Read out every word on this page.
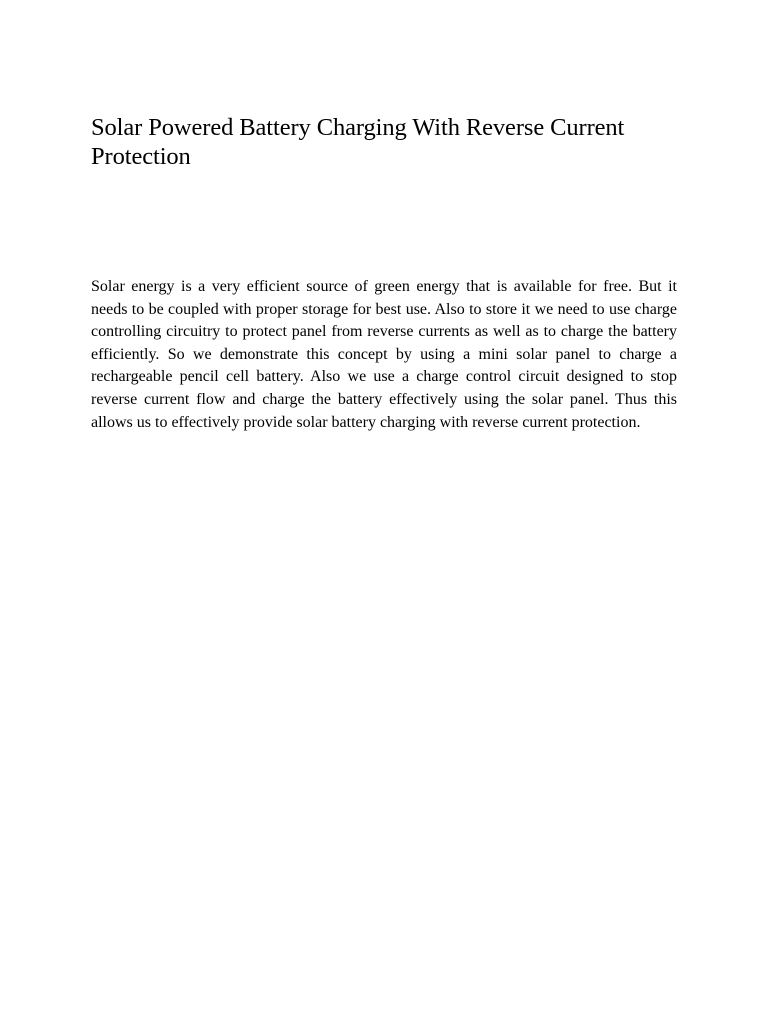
Solar Powered Battery Charging With Reverse Current Protection

Solar energy is a very efficient source of green energy that is available for free. But it needs to be coupled with proper storage for best use. Also to store it we need to use charge controlling circuitry to protect panel from reverse currents as well as to charge the battery efficiently. So we demonstrate this concept by using a mini solar panel to charge a rechargeable pencil cell battery. Also we use a charge control circuit designed to stop reverse current flow and charge the battery effectively using the solar panel. Thus this allows us to effectively provide solar battery charging with reverse current protection.
